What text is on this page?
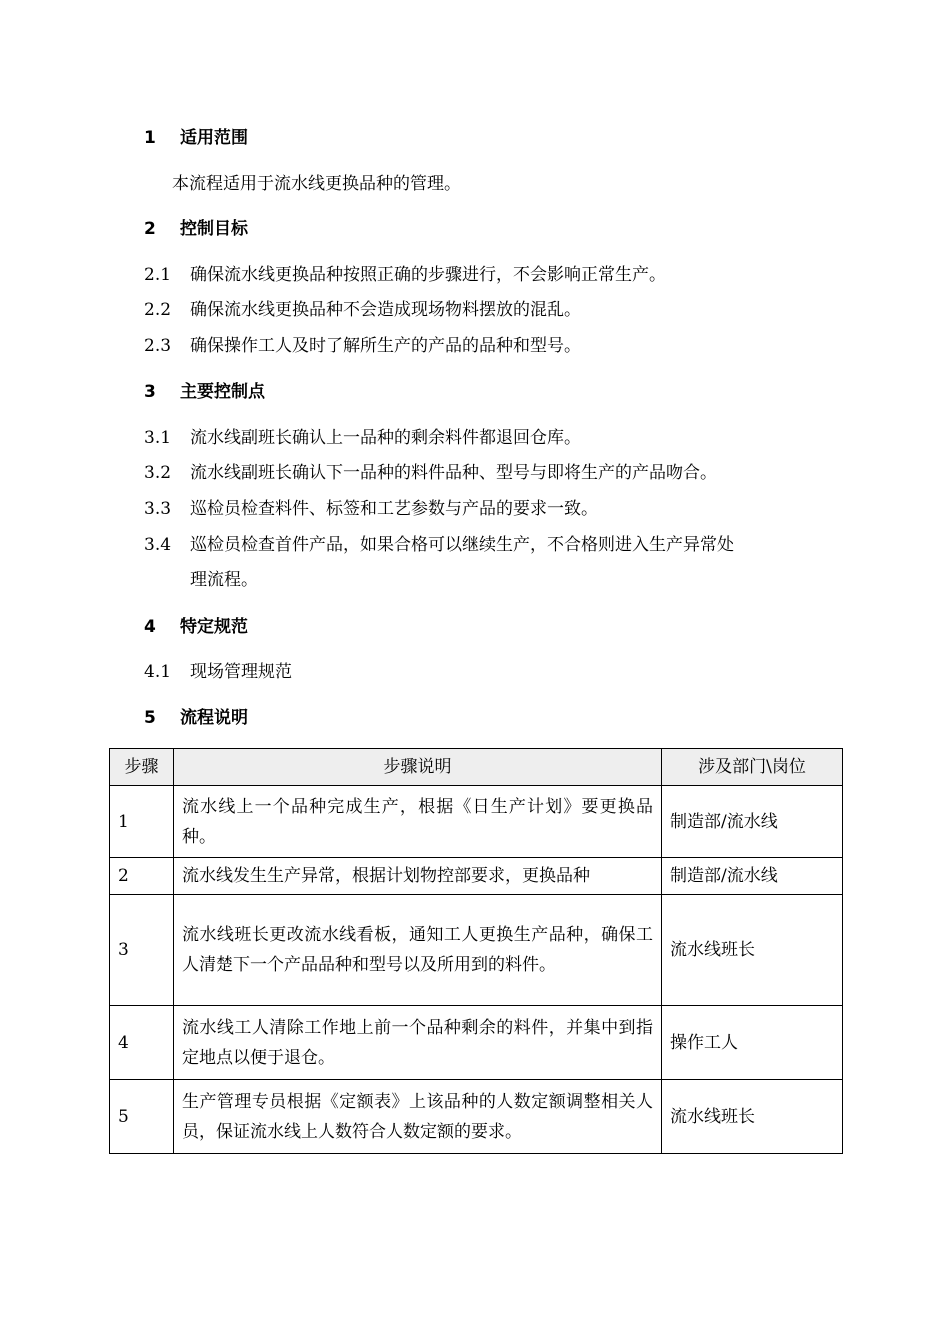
1 适用范围
本流程适用于流水线更换品种的管理。
2 控制目标
2.1 确保流水线更换品种按照正确的步骤进行，不会影响正常生产。
2.2 确保流水线更换品种不会造成现场物料摆放的混乱。
2.3 确保操作工人及时了解所生产的产品的品种和型号。
3 主要控制点
3.1 流水线副班长确认上一品种的剩余料件都退回仓库。
3.2 流水线副班长确认下一品种的料件品种、型号与即将生产的产品吻合。
3.3 巡检员检查料件、标签和工艺参数与产品的要求一致。
3.4 巡检员检查首件产品，如果合格可以继续生产，不合格则进入生产异常处
理流程。
4 特定规范
4.1 现场管理规范
5 流程说明
步骤	步骤说明	涉及部门\岗位
1	流水线上一个品种完成生产，根据《日生产计划》要更换品种。	制造部/流水线
2	流水线发生生产异常，根据计划物控部要求，更换品种	制造部/流水线
3	流水线班长更改流水线看板，通知工人更换生产品种，确保工人清楚下一个产品品种和型号以及所用到的料件。	流水线班长
4	流水线工人清除工作地上前一个品种剩余的料件，并集中到指定地点以便于退仓。	操作工人
5	生产管理专员根据《定额表》上该品种的人数定额调整相关人员，保证流水线上人数符合人数定额的要求。	流水线班长
